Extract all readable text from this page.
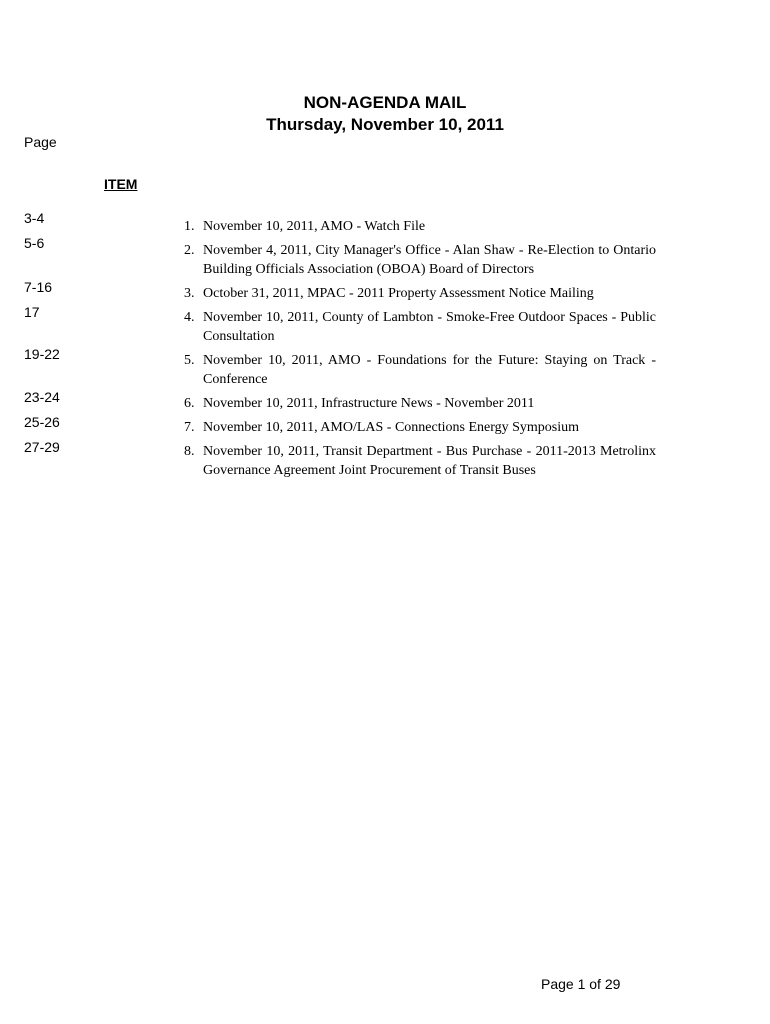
NON-AGENDA MAIL
Thursday, November 10, 2011
Page
ITEM
3-4
5-6
7-16
17
19-22
23-24
25-26
27-29
1. November 10, 2011, AMO - Watch File
2. November 4, 2011, City Manager's Office - Alan Shaw - Re-Election to Ontario Building Officials Association (OBOA) Board of Directors
3. October 31, 2011, MPAC - 2011 Property Assessment Notice Mailing
4. November 10, 2011, County of Lambton - Smoke-Free Outdoor Spaces - Public Consultation
5. November 10, 2011, AMO - Foundations for the Future: Staying on Track - Conference
6. November 10, 2011, Infrastructure News - November 2011
7. November 10, 2011, AMO/LAS - Connections Energy Symposium
8. November 10, 2011, Transit Department - Bus Purchase - 2011-2013 Metrolinx Governance Agreement Joint Procurement of Transit Buses
Page 1 of 29
